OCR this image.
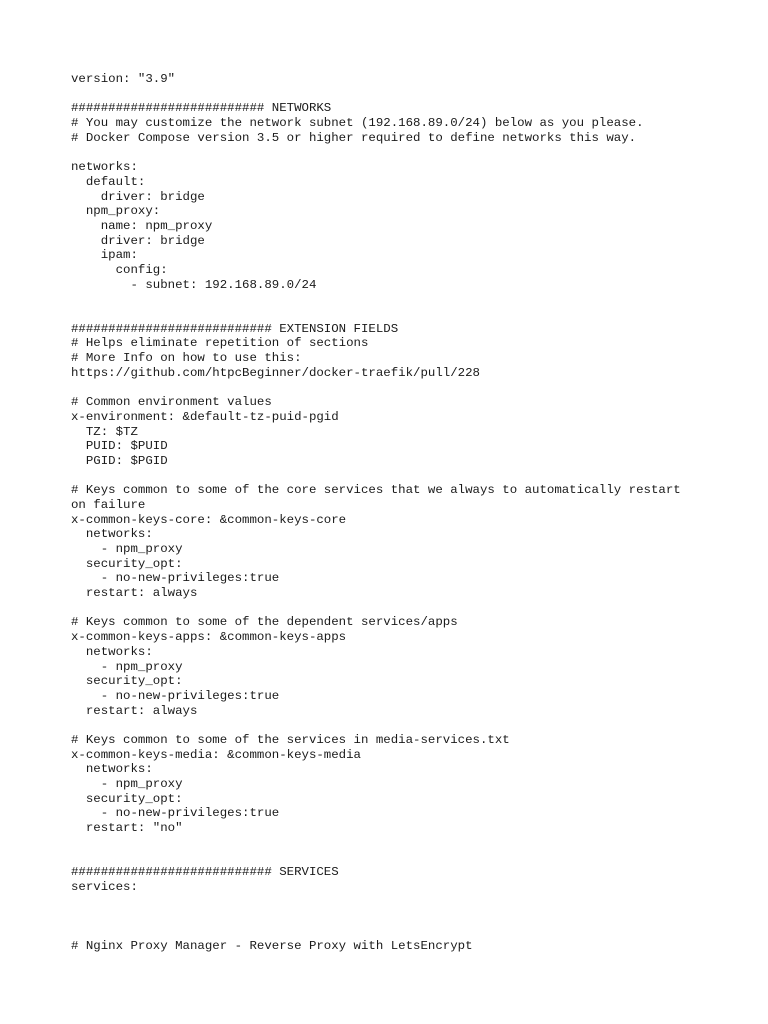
version: "3.9"
########################## NETWORKS
# You may customize the network subnet (192.168.89.0/24) below as you please.
# Docker Compose version 3.5 or higher required to define networks this way.
networks:
default:
driver: bridge
npm_proxy:
name: npm_proxy
driver: bridge
ipam:
config:
- subnet: 192.168.89.0/24
########################### EXTENSION FIELDS
# Helps eliminate repetition of sections
# More Info on how to use this:
https://github.com/htpcBeginner/docker-traefik/pull/228
# Common environment values
x-environment: &default-tz-puid-pgid
TZ: $TZ
PUID: $PUID
PGID: $PGID
# Keys common to some of the core services that we always to automatically restart
on failure
x-common-keys-core: &common-keys-core
networks:
- npm_proxy
security_opt:
- no-new-privileges:true
restart: always
# Keys common to some of the dependent services/apps
x-common-keys-apps: &common-keys-apps
networks:
- npm_proxy
security_opt:
- no-new-privileges:true
restart: always
# Keys common to some of the services in media-services.txt
x-common-keys-media: &common-keys-media
networks:
- npm_proxy
security_opt:
- no-new-privileges:true
restart: "no"
########################### SERVICES
services:
# Nginx Proxy Manager - Reverse Proxy with LetsEncrypt
